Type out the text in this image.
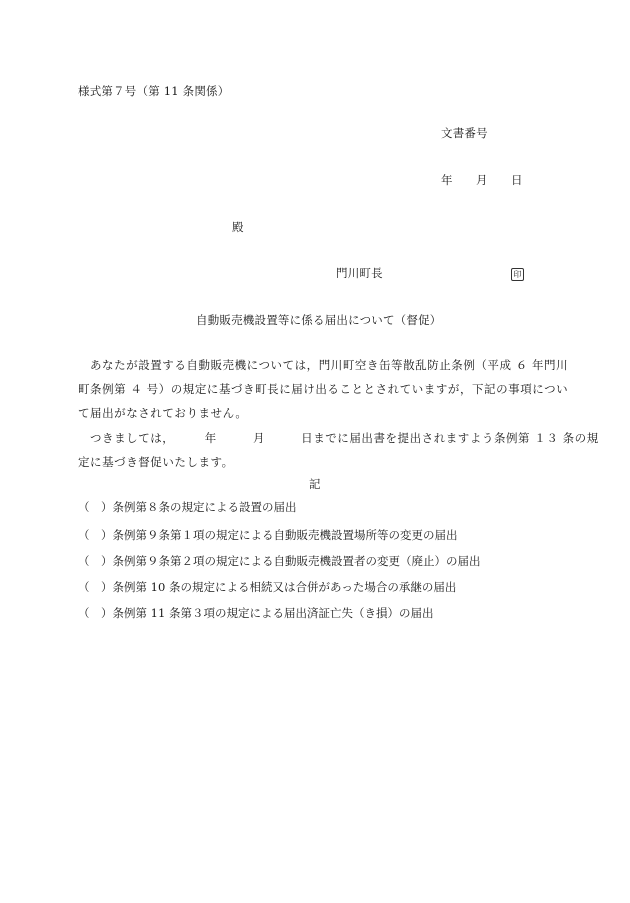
様式第７号（第 11 条関係）
文書番号
年 月 日
殿
門川町長	印
自動販売機設置等に係る届出について（督促）
あなたが設置する自動販売機については，門川町空き缶等散乱防止条例（平成 ６ 年門川
町条例第 ４ 号）の規定に基づき町長に届け出ることとされていますが，下記の事項につい
て届出がなされておりません。
つきましては，　　　年　　　月　　　日までに届出書を提出されますよう条例第 １３ 条の規
定に基づき督促いたします。
記
（　）条例第８条の規定による設置の届出
（　）条例第９条第１項の規定による自動販売機設置場所等の変更の届出
（　）条例第９条第２項の規定による自動販売機設置者の変更（廃止）の届出
（　）条例第 10 条の規定による相続又は合併があった場合の承継の届出
（　）条例第 11 条第３項の規定による届出済証亡失（き損）の届出
